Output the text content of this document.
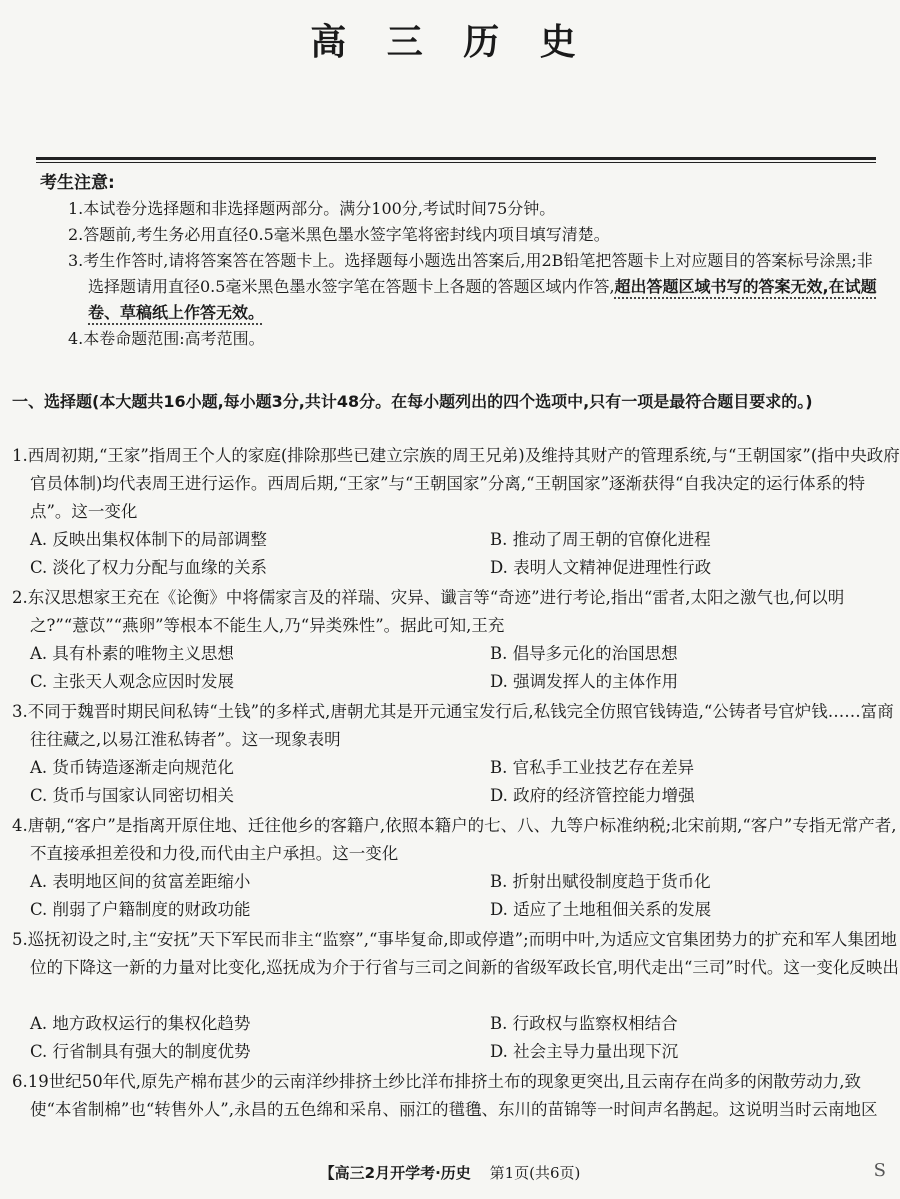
高 三 历 史
考生注意:
1.本试卷分选择题和非选择题两部分。满分100分,考试时间75分钟。
2.答题前,考生务必用直径0.5毫米黑色墨水签字笔将密封线内项目填写清楚。
3.考生作答时,请将答案答在答题卡上。选择题每小题选出答案后,用2B铅笔把答题卡上对应题目的答案标号涂黑;非选择题请用直径0.5毫米黑色墨水签字笔在答题卡上各题的答题区域内作答,超出答题区域书写的答案无效,在试题卷、草稿纸上作答无效。
4.本卷命题范围:高考范围。
一、选择题(本大题共16小题,每小题3分,共计48分。在每小题列出的四个选项中,只有一项是最符合题目要求的。)
1.西周初期,“王家”指周王个人的家庭(排除那些已建立宗族的周王兄弟)及维持其财产的管理系统,与“王朝国家”(指中央政府官员体制)均代表周王进行运作。西周后期,“王家”与“王朝国家”分离,“王朝国家”逐渐获得“自我决定的运行体系的特点”。这一变化
A. 反映出集权体制下的局部调整	B. 推动了周王朝的官僚化进程
C. 淡化了权力分配与血缘的关系	D. 表明人文精神促进理性行政
2.东汉思想家王充在《论衡》中将儒家言及的祥瑞、灾异、谶言等“奇迹”进行考论,指出“雷者,太阳之激气也,何以明之?”“薏苡”“燕卵”等根本不能生人,乃“异类殊性”。据此可知,王充
A. 具有朴素的唯物主义思想	B. 倡导多元化的治国思想
C. 主张天人观念应因时发展	D. 强调发挥人的主体作用
3.不同于魏晋时期民间私铸“土钱”的多样式,唐朝尤其是开元通宝发行后,私钱完全仿照官钱铸造,“公铸者号官炉钱……富商往往藏之,以易江淮私铸者”。这一现象表明
A. 货币铸造逐渐走向规范化	B. 官私手工业技艺存在差异
C. 货币与国家认同密切相关	D. 政府的经济管控能力增强
4.唐朝,“客户”是指离开原住地、迁往他乡的客籍户,依照本籍户的七、八、九等户标准纳税;北宋前期,“客户”专指无常产者,不直接承担差役和力役,而代由主户承担。这一变化
A. 表明地区间的贫富差距缩小	B. 折射出赋役制度趋于货币化
C. 削弱了户籍制度的财政功能	D. 适应了土地租佃关系的发展
5.巡抚初设之时,主“安抚”天下军民而非主“监察”,“事毕复命,即或停遣”;而明中叶,为适应文官集团势力的扩充和军人集团地位的下降这一新的力量对比变化,巡抚成为介于行省与三司之间新的省级军政长官,明代走出“三司”时代。这一变化反映出
A. 地方政权运行的集权化趋势	B. 行政权与监察权相结合
C. 行省制具有强大的制度优势	D. 社会主导力量出现下沉
6.19世纪50年代,原先产棉布甚少的云南洋纱排挤土纱比洋布排挤土布的现象更突出,且云南存在尚多的闲散劳动力,致使“本省制棉”也“转售外人”,永昌的五色绵和采帛、丽江的氆氇、东川的苗锦等一时间声名鹊起。这说明当时云南地区
【高三2月开学考·历史 第1页(共6页)	S
